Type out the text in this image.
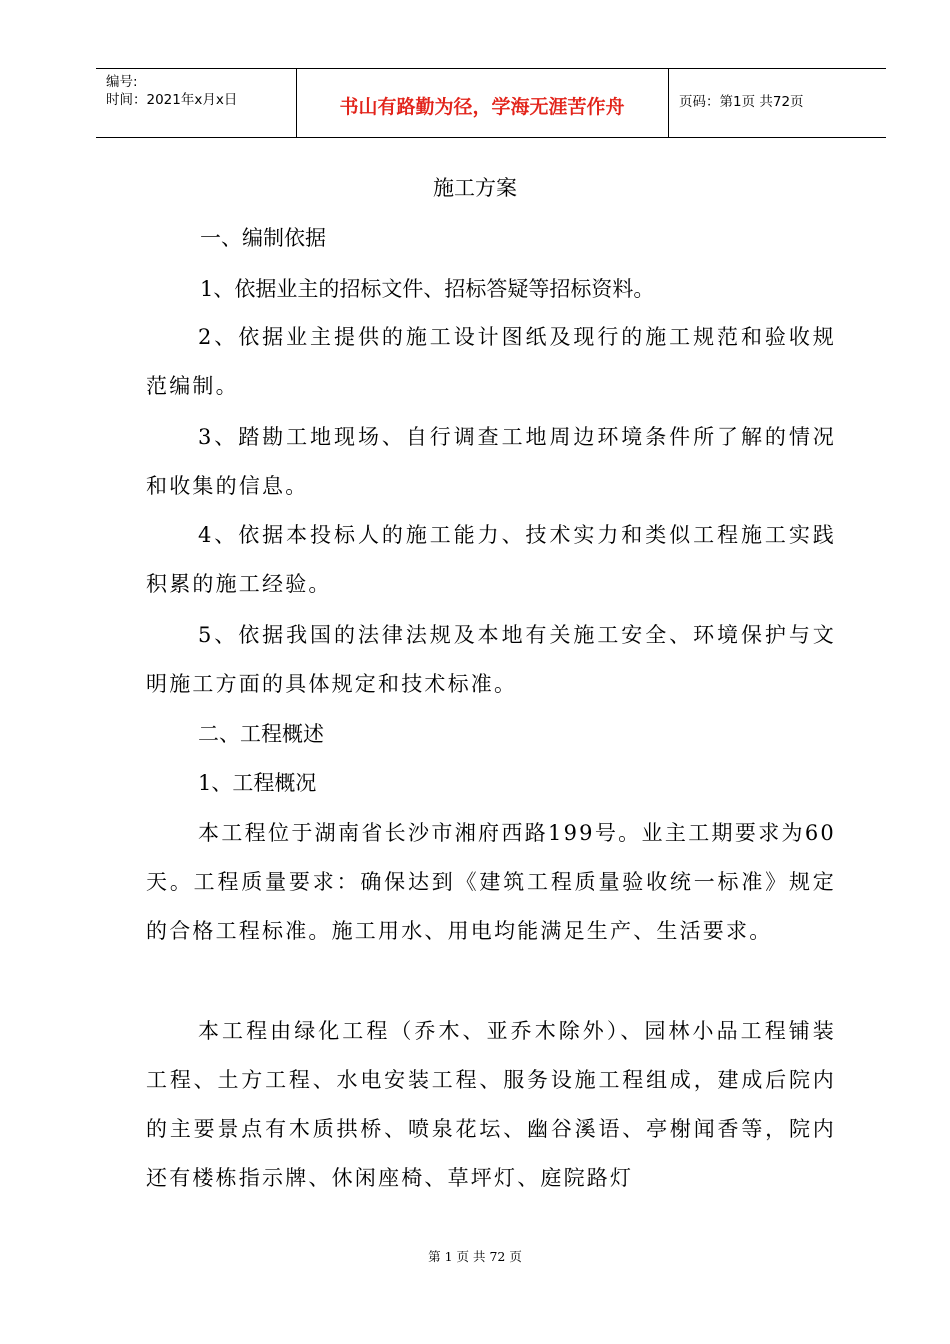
编号:
时间：2021年x月x日	书山有路勤为径，学海无涯苦作舟	页码：第1页 共72页
施工方案

一、编制依据

1、依据业主的招标文件、招标答疑等招标资料。

2、依据业主提供的施工设计图纸及现行的施工规范和验收规范编制。

3、踏勘工地现场、自行调查工地周边环境条件所了解的情况和收集的信息。

4、依据本投标人的施工能力、技术实力和类似工程施工实践积累的施工经验。

5、依据我国的法律法规及本地有关施工安全、环境保护与文明施工方面的具体规定和技术标准。

二、工程概述

1、工程概况

本工程位于湖南省长沙市湘府西路199号。业主工期要求为60天。工程质量要求：确保达到《建筑工程质量验收统一标准》规定的合格工程标准。施工用水、用电均能满足生产、生活要求。

本工程由绿化工程（乔木、亚乔木除外）、园林小品工程铺装工程、土方工程、水电安装工程、服务设施工程组成，建成后院内的主要景点有木质拱桥、喷泉花坛、幽谷溪语、亭榭闻香等，院内还有楼栋指示牌、休闲座椅、草坪灯、庭院路灯

第 1 页 共 72 页
